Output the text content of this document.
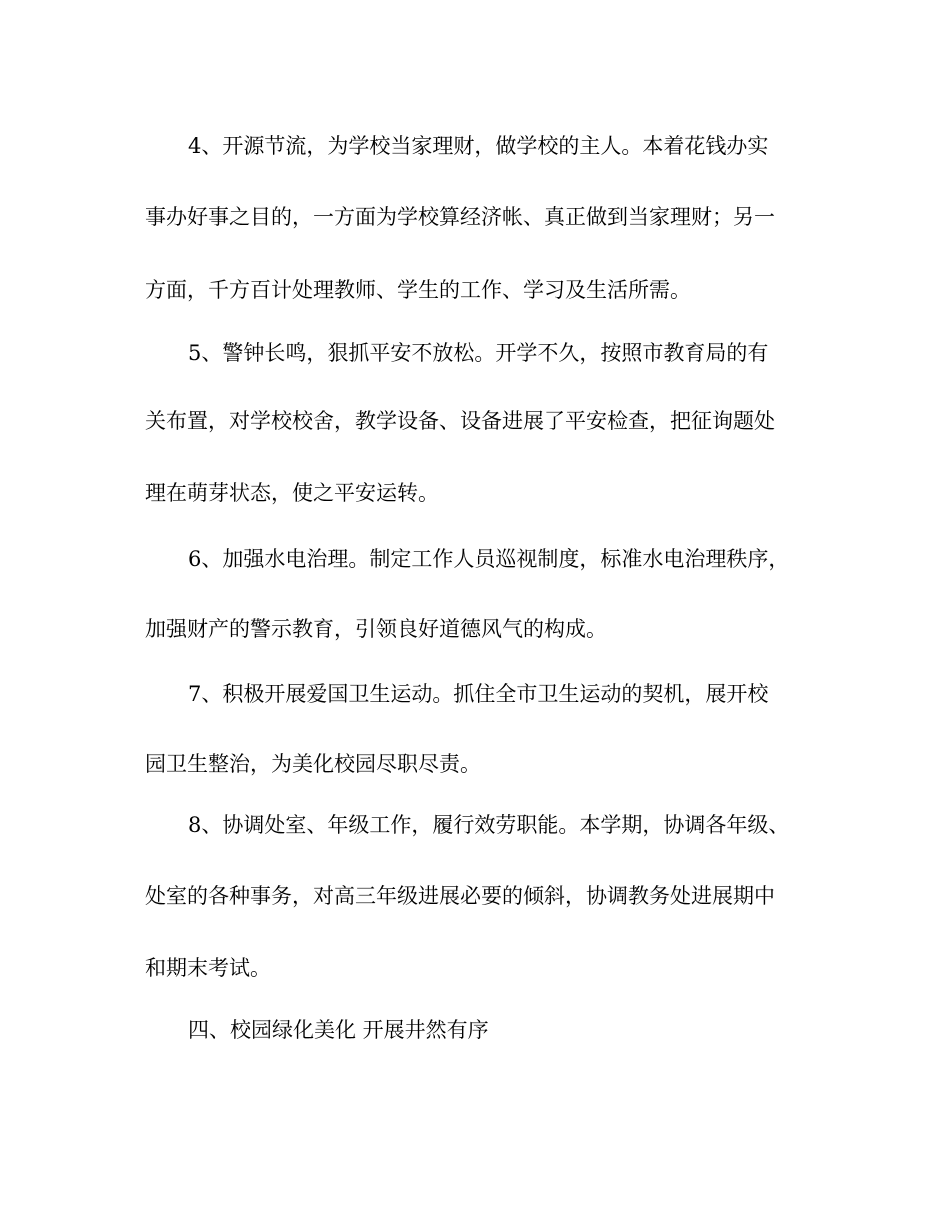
4、开源节流，为学校当家理财，做学校的主人。本着花钱办实

事办好事之目的，一方面为学校算经济帐、真正做到当家理财；另一

方面，千方百计处理教师、学生的工作、学习及生活所需。

5、警钟长鸣，狠抓平安不放松。开学不久，按照市教育局的有

关布置，对学校校舍，教学设备、设备进展了平安检查，把征询题处

理在萌芽状态，使之平安运转。

6、加强水电治理。制定工作人员巡视制度，标准水电治理秩序，

加强财产的警示教育，引领良好道德风气的构成。

7、积极开展爱国卫生运动。抓住全市卫生运动的契机，展开校

园卫生整治，为美化校园尽职尽责。

8、协调处室、年级工作，履行效劳职能。本学期，协调各年级、

处室的各种事务，对高三年级进展必要的倾斜，协调教务处进展期中

和期末考试。

四、校园绿化美化 开展井然有序
